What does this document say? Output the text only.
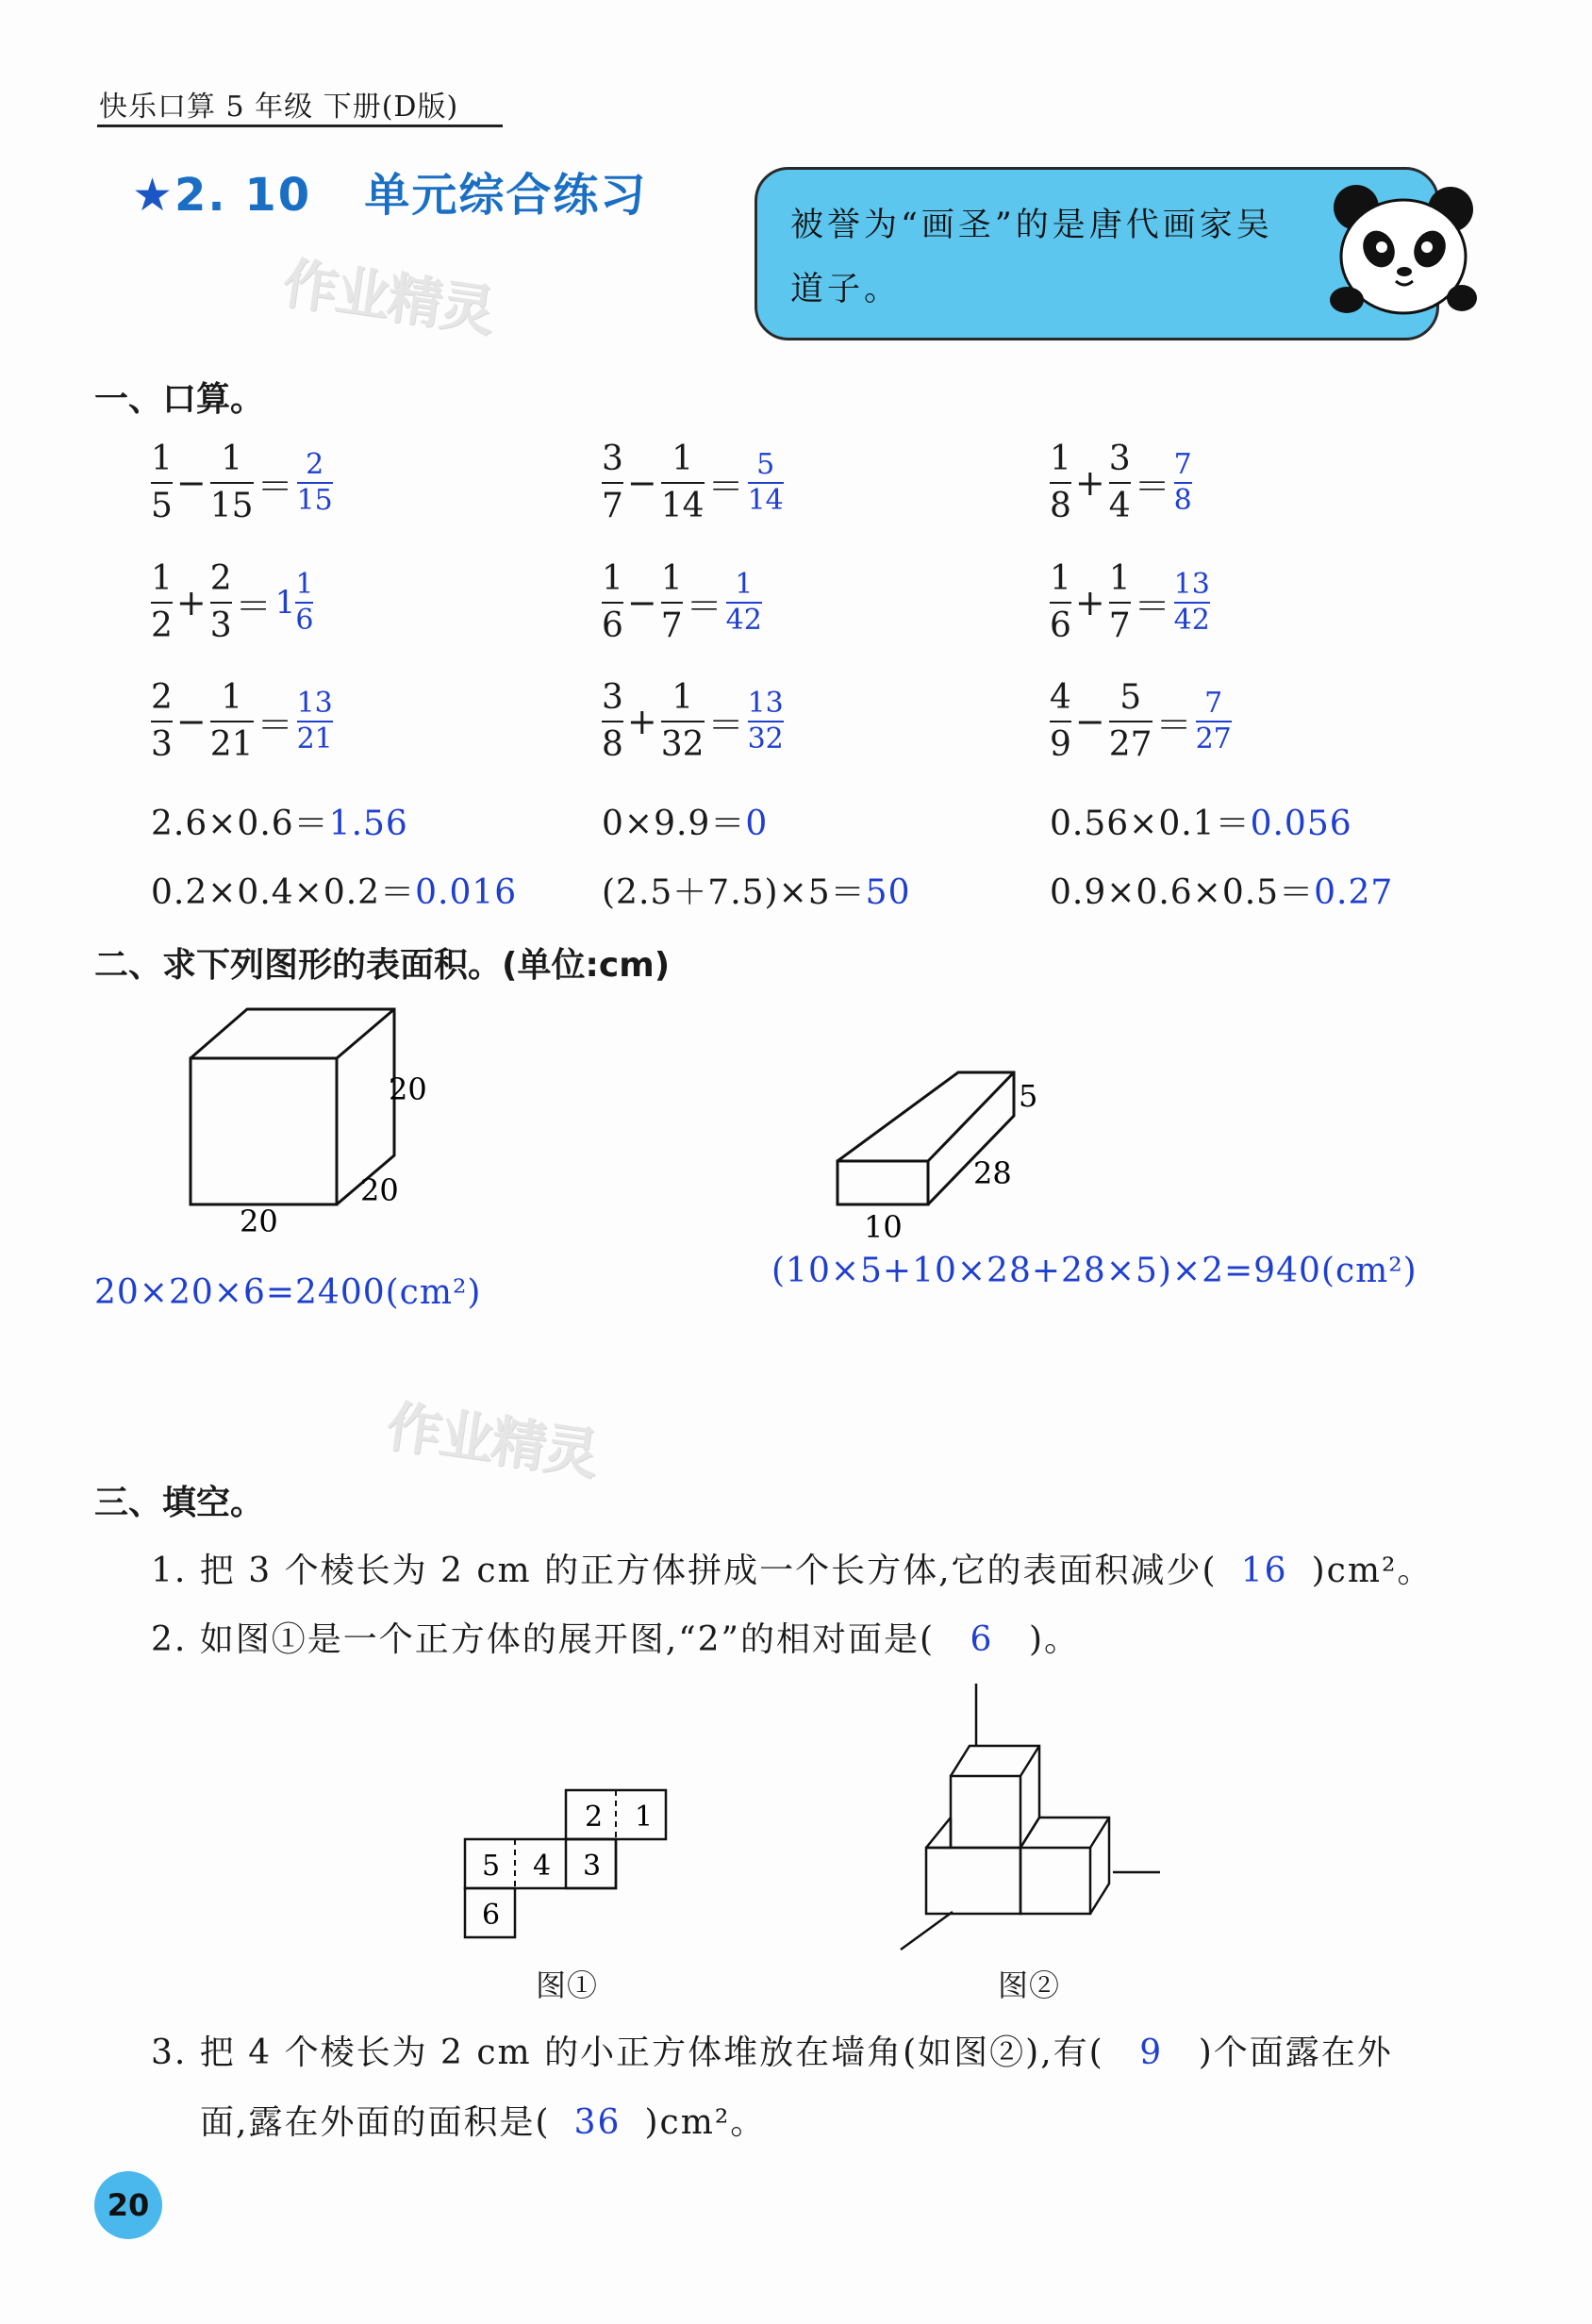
快乐口算 5 年级 下册(D版)
★2. 10 单元综合练习
作业精灵
作业精灵
被誉为“画圣”的是唐代画家吴
道子。
一、口算。
$\frac{1}{5} - \frac{1}{15} = \frac{2}{15}$	$\frac{3}{7} - \frac{1}{14} = \frac{5}{14}$	$\frac{1}{8} + \frac{3}{4} = \frac{7}{8}$
$\frac{1}{2} + \frac{2}{3} = 1 \frac{1}{6}$	$\frac{1}{6} - \frac{1}{7} = \frac{1}{42}$	$\frac{1}{6} + \frac{1}{7} = \frac{13}{42}$
$\frac{2}{3} - \frac{1}{21} = \frac{13}{21}$	$\frac{3}{8} + \frac{1}{32} = \frac{13}{32}$	$\frac{4}{9} - \frac{5}{27} = \frac{7}{27}$
2.6×0.6＝1.56	0×9.9＝0	0.56×0.1＝0.056
0.2×0.4×0.2＝0.016 (2.5＋7.5)×5＝50	0.9×0.6×0.5＝0.27
二、求下列图形的表面积。(单位:cm)
20
20
20
5
28
10
20×20×6=2400(cm²)
(10×5+10×28+28×5)×2=940(cm²)
三、填空。
1. 把 3 个棱长为 2 cm 的正方体拼成一个长方体,它的表面积减少( 16 )cm²。
2. 如图①是一个正方体的展开图,“2”的相对面是( 6 )。
2 1
5 4 3
6
图①	图②
3. 把 4 个棱长为 2 cm 的小正方体堆放在墙角(如图②),有( 9 )个面露在外
面,露在外面的面积是( 36 )cm²。
20
